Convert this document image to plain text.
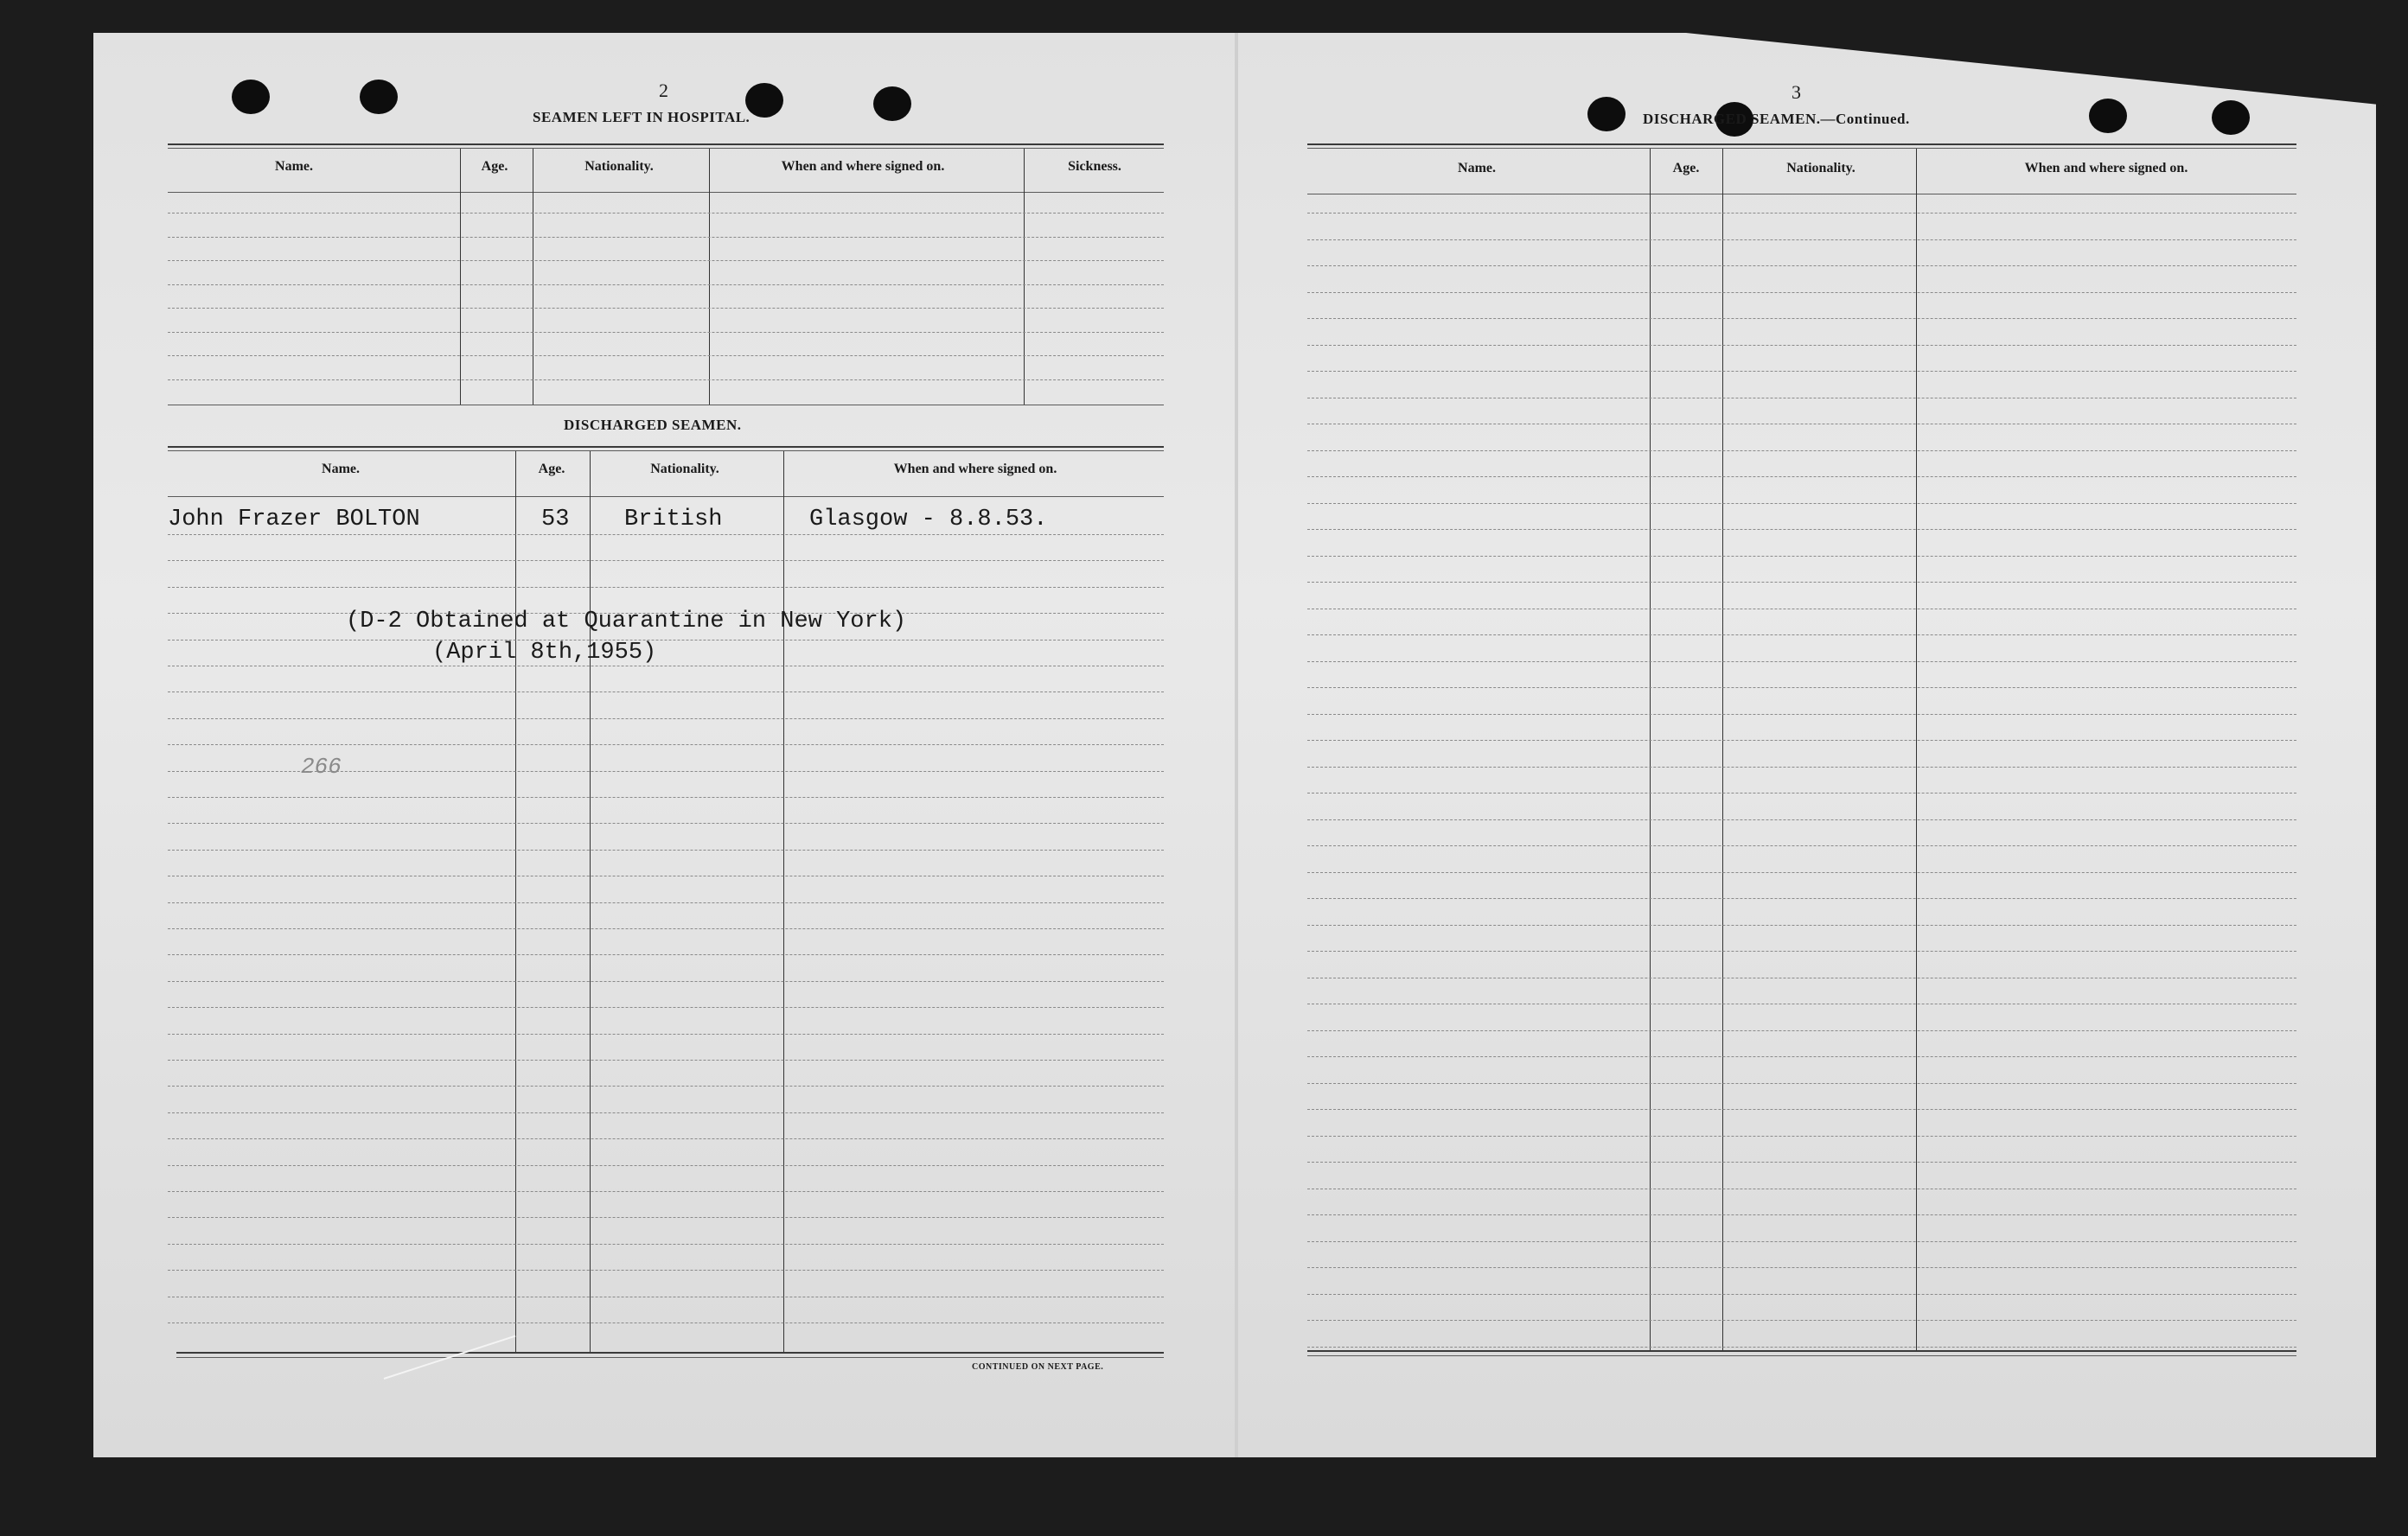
2
SEAMEN LEFT IN HOSPITAL.
Name.	Age.	Nationality.	When and where signed on.	Sickness.
DISCHARGED SEAMEN.
Name.	Age.	Nationality.	When and where signed on.
John Frazer BOLTON	53 British	Glasgow - 8.8.53.
(D-2 Obtained at Quarantine in New York)
(April 8th,1955)
266
CONTINUED ON NEXT PAGE.
3
DISCHARGED SEAMEN.—Continued.
Name.	Age.	Nationality.	When and where signed on.
